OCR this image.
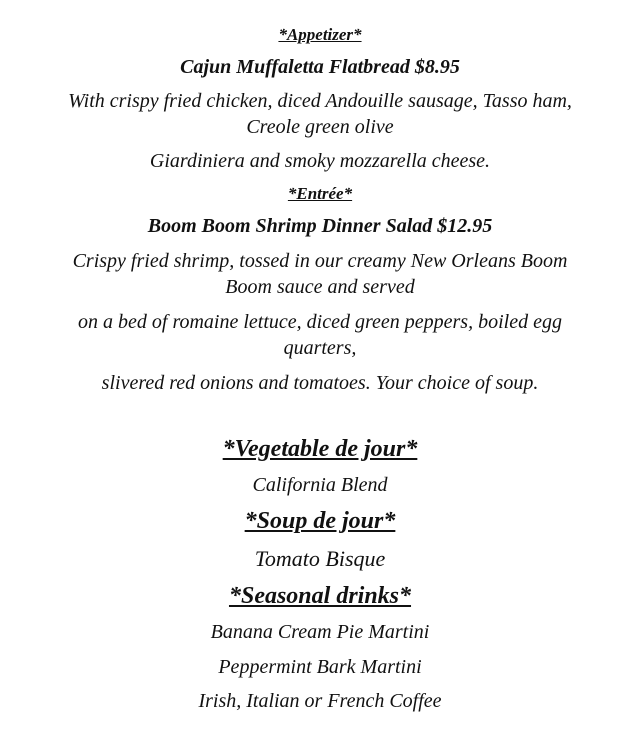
*Appetizer*
Cajun Muffaletta Flatbread $8.95
With crispy fried chicken, diced Andouille sausage, Tasso ham,
Creole green olive
Giardiniera and smoky mozzarella cheese.
*Entrée*
Boom Boom Shrimp Dinner Salad $12.95
Crispy fried shrimp, tossed in our creamy New Orleans Boom
Boom sauce and served
on a bed of romaine lettuce, diced green peppers, boiled egg
quarters,
slivered red onions and tomatoes. Your choice of soup.
*Vegetable de jour*
California Blend
*Soup de jour*
Tomato Bisque
*Seasonal drinks*
Banana Cream Pie Martini
Peppermint Bark Martini
Irish, Italian or French Coffee
